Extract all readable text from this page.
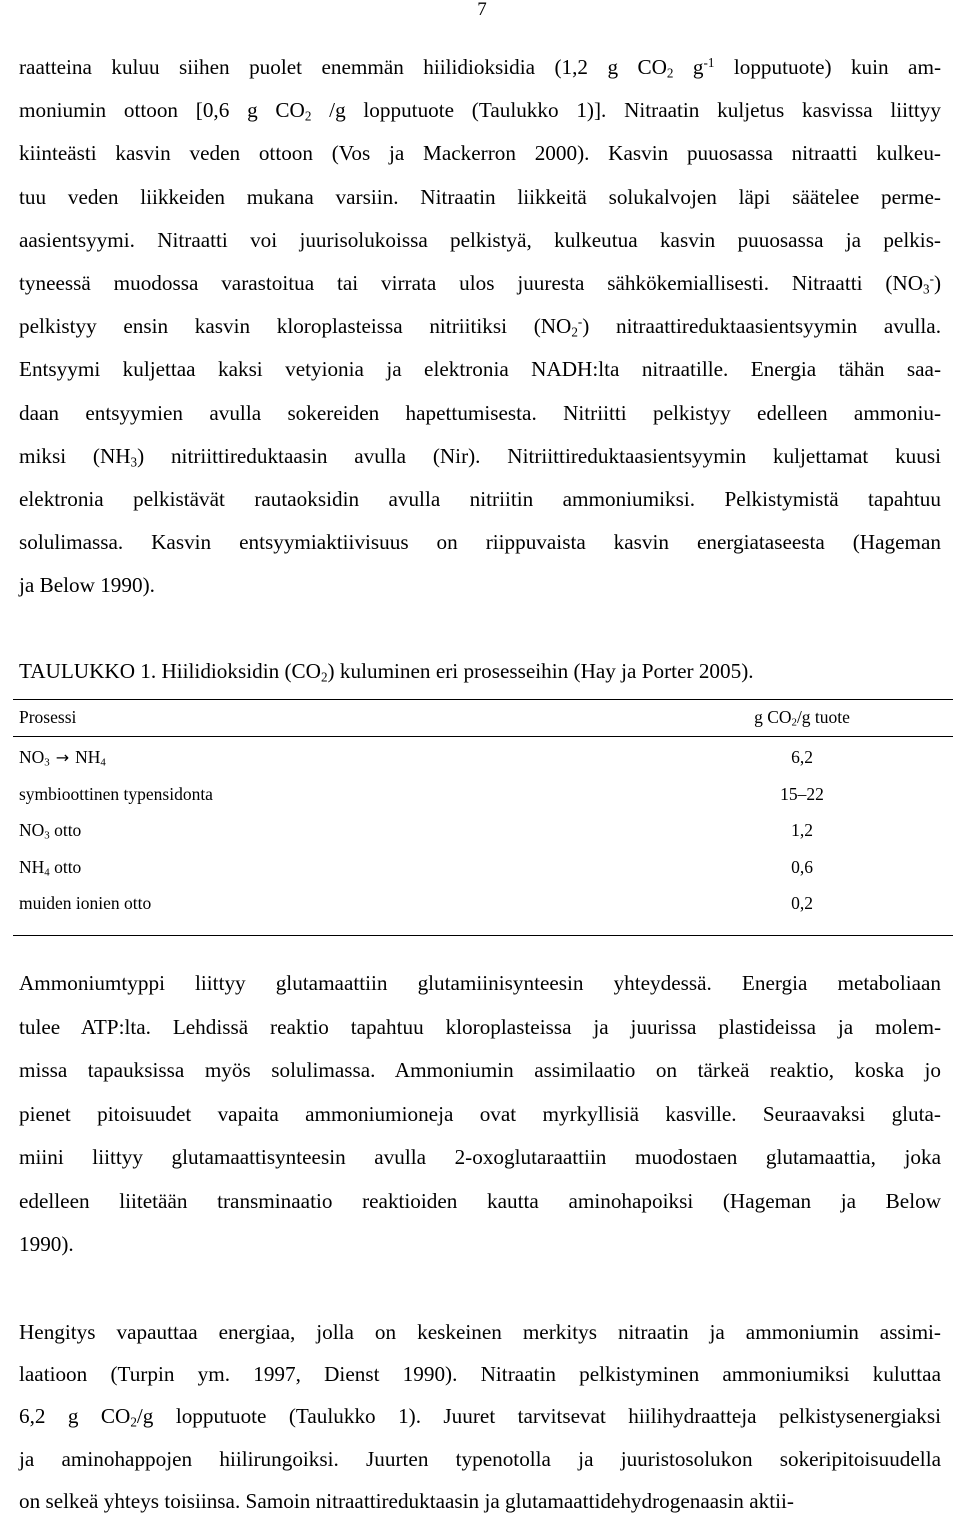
7

raatteina kuluu siihen puolet enemmän hiilidioksidia (1,2 g $CO_2$ $g^{-1}$ lopputuote) kuin am-
moniumin ottoon [0,6 g $CO_2$ /g lopputuote (Taulukko 1)]. Nitraatin kuljetus kasvissa liittyy
kiinteästi kasvin veden ottoon (Vos ja Mackerron 2000). Kasvin puuosassa nitraatti kulkeu-
tuu veden liikkeiden mukana varsiin. Nitraatin liikkeitä solukalvojen läpi säätelee perme-
aasientsyymi. Nitraatti voi juurisolukoissa pelkistyä, kulkeutua kasvin puuosassa ja pelkis-
tyneessä muodossa varastoitua tai virrata ulos juuresta sähkökemiallisesti. Nitraatti $(NO_3^-)$
pelkistyy ensin kasvin kloroplasteissa nitriitiksi $(NO_2^-)$ nitraattireduktaasientsyymin avulla.
Entsyymi kuljettaa kaksi vetyionia ja elektronia NADH:lta nitraatille. Energia tähän saa-
daan entsyymien avulla sokereiden hapettumisesta. Nitriitti pelkistyy edelleen ammoniu-
miksi $(NH_3)$ nitriittireduktaasin avulla (Nir). Nitriittireduktaasientsyymin kuljettamat kuusi
elektronia pelkistävät rautaoksidin avulla nitriitin ammoniumiksi. Pelkistymistä tapahtuu
solulimassa. Kasvin entsyymiaktiivisuus on riippuvaista kasvin energiataseesta (Hageman
ja Below 1990).

TAULUKKO 1. Hiilidioksidin $(CO_2)$ kuluminen eri prosesseihin (Hay ja Porter 2005).
Prosessi	g $CO_2/g$ tuote
$NO_3 \to NH_4$	6,2
symbioottinen typensidonta	15–22
$NO_3$ otto	1,2
$NH_4$ otto	0,6
muiden ionien otto	0,2

Ammoniumtyppi liittyy glutamaattiin glutamiinisynteesin yhteydessä. Energia metaboliaan
tulee ATP:lta. Lehdissä reaktio tapahtuu kloroplasteissa ja juurissa plastideissa ja molem-
missa tapauksissa myös solulimassa. Ammoniumin assimilaatio on tärkeä reaktio, koska jo
pienet pitoisuudet vapaita ammoniumioneja ovat myrkyllisiä kasville. Seuraavaksi gluta-
miini liittyy glutamaattisynteesin avulla 2-oxoglutaraattiin muodostaen glutamaattia, joka
edelleen liitetään transminaatio reaktioiden kautta aminohapoiksi (Hageman ja Below
1990).

Hengitys vapauttaa energiaa, jolla on keskeinen merkitys nitraatin ja ammoniumin assimi-
laatioon (Turpin ym. 1997, Dienst 1990). Nitraatin pelkistyminen ammoniumiksi kuluttaa
6,2 g $CO_2/g$ lopputuote (Taulukko 1). Juuret tarvitsevat hiilihydraatteja pelkistysenergiaksi
ja aminohappojen hiilirungoiksi. Juurten typenotolla ja juuristosolukon sokeripitoisuudella
on selkeä yhteys toisiinsa. Samoin nitraattireduktaasin ja glutamaattidehydrogenaasin aktii-
